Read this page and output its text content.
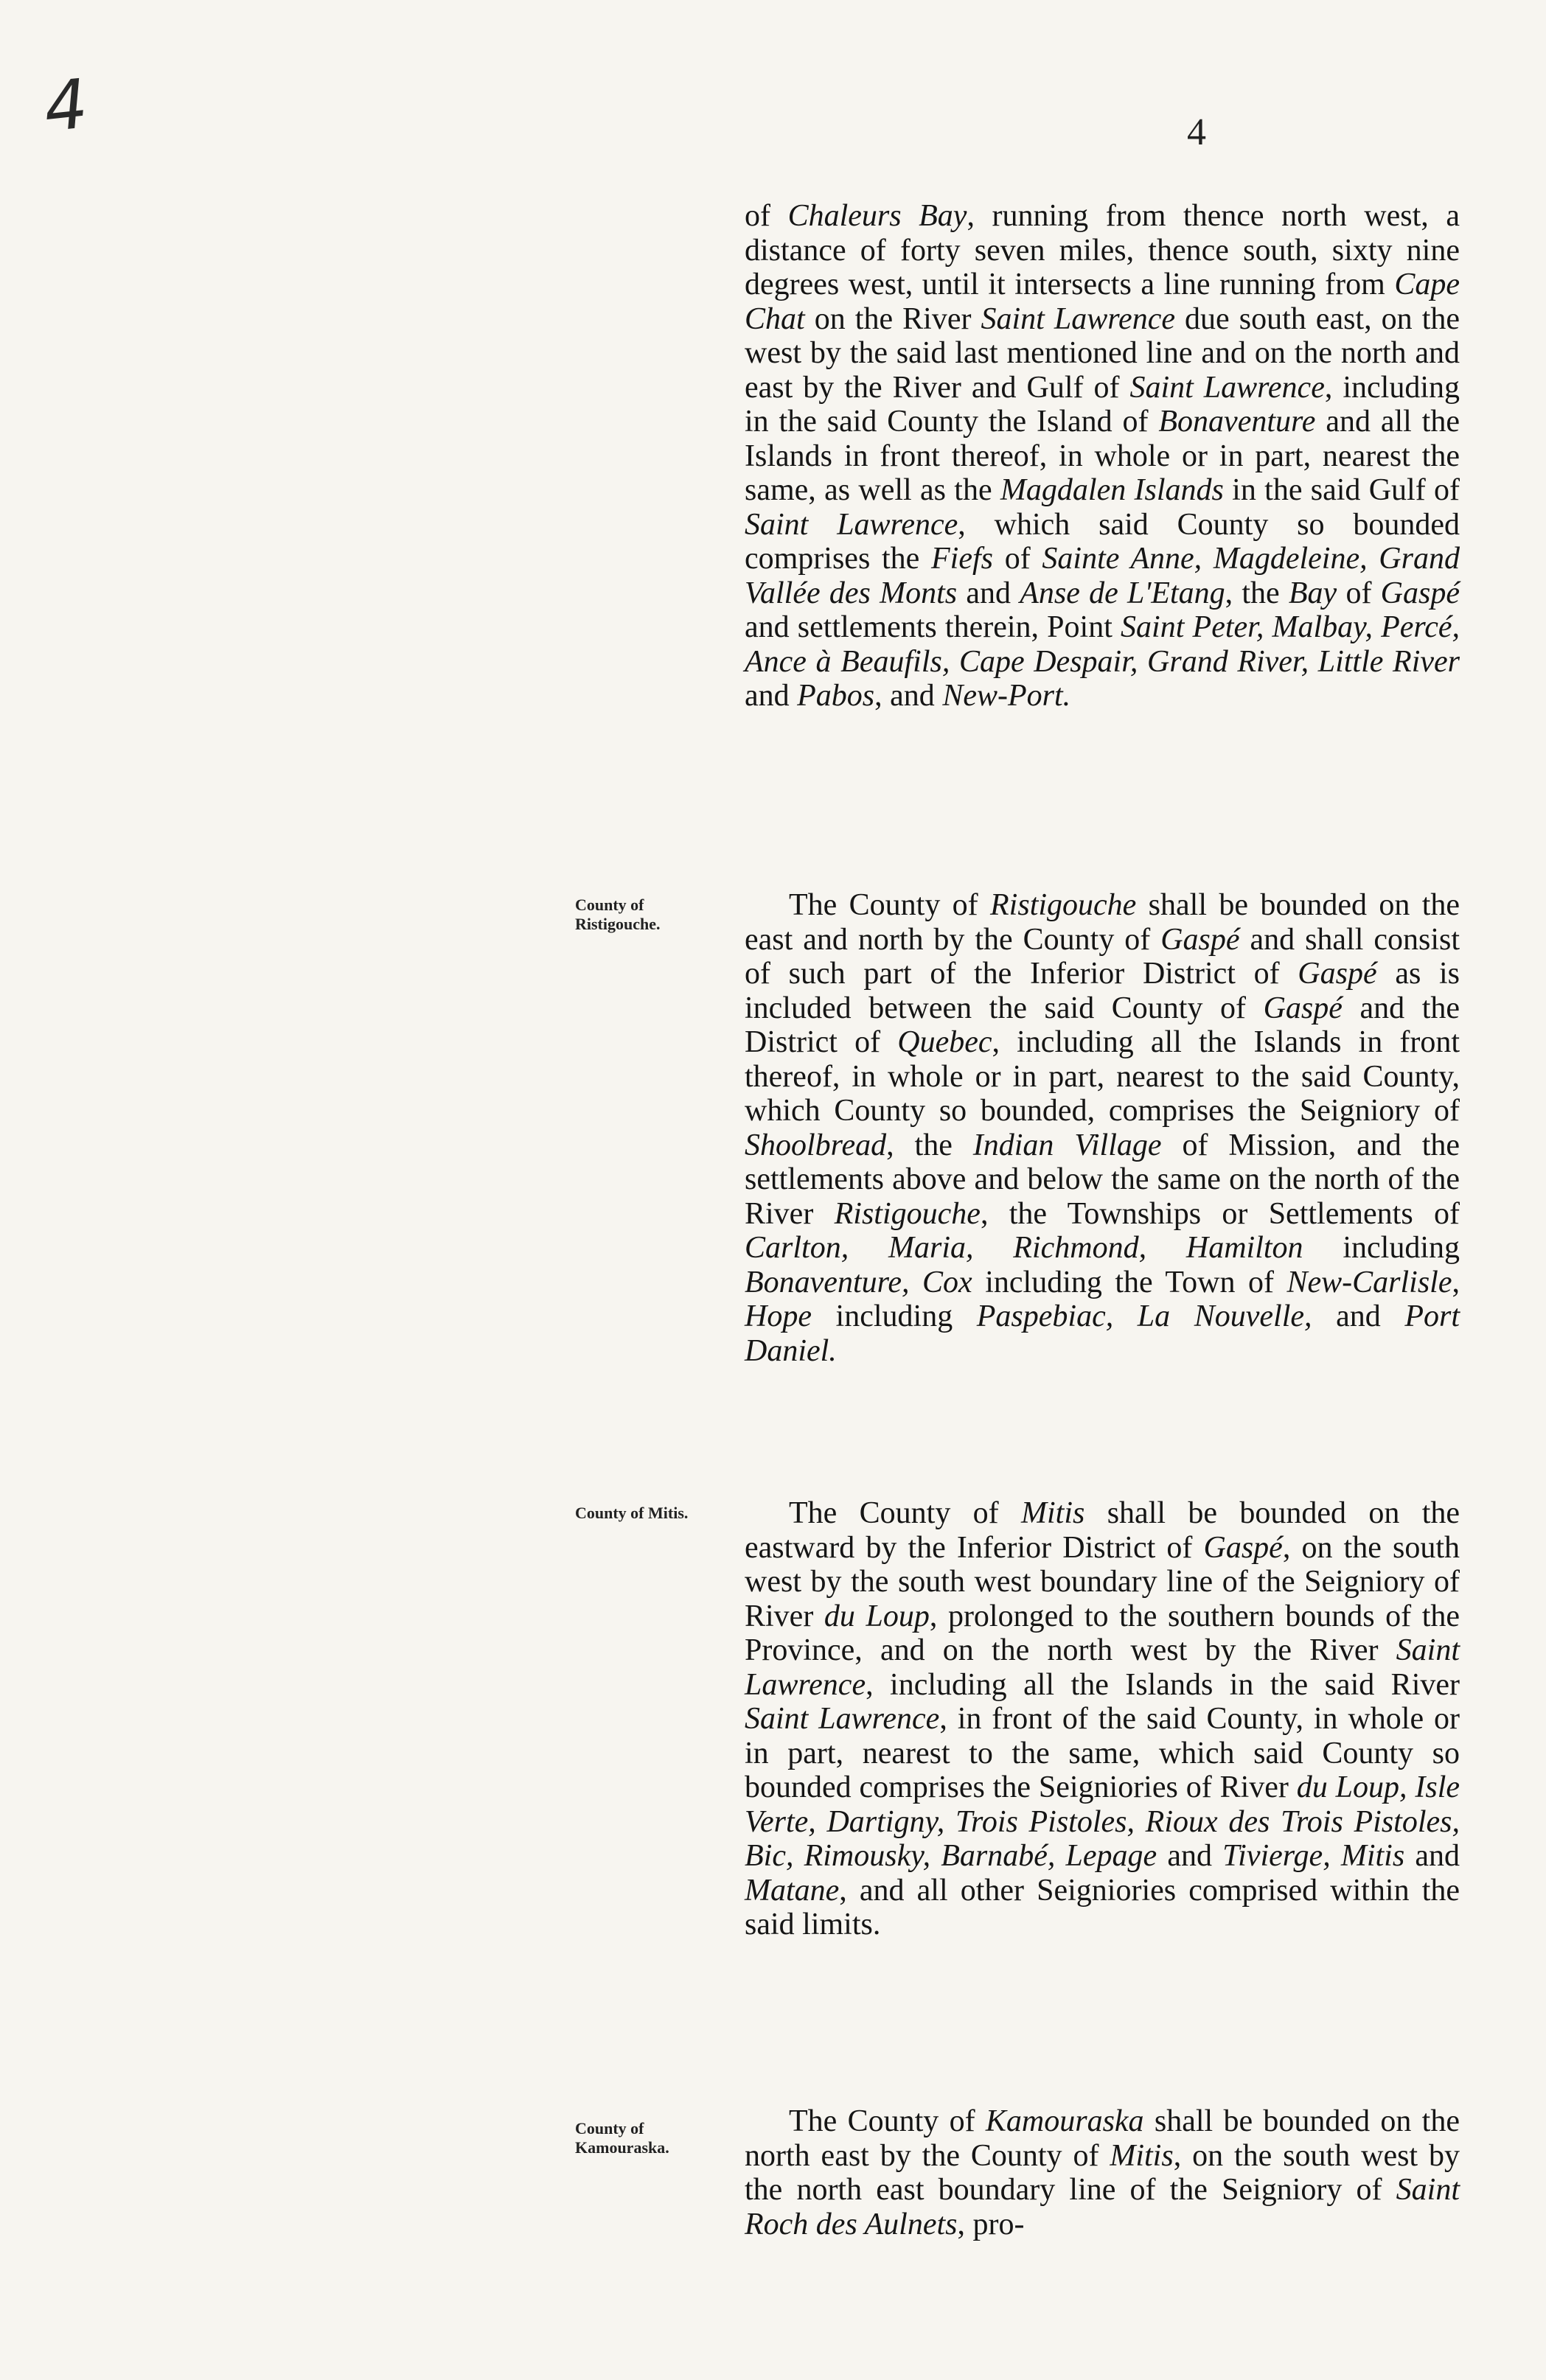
4	4
of Chaleurs Bay, running from thence north west, a distance of forty seven miles, thence south, sixty nine degrees west, until it intersects a line running from Cape Chat on the River Saint Lawrence due south east, on the west by the said last mentioned line and on the north and east by the River and Gulf of Saint Lawrence, including in the said County the Island of Bonaventure and all the Islands in front thereof, in whole or in part, nearest the same, as well as the Magdalen Islands in the said Gulf of Saint Lawrence, which said County so bounded comprises the Fiefs of Sainte Anne, Magdeleine, Grand Vallée des Monts and Anse de L'Etang, the Bay of Gaspé and settlements therein, Point Saint Peter, Malbay, Percé, Ance à Beaufils, Cape Despair, Grand River, Little River and Pabos, and New-Port.
County of Ristigouche.
The County of Ristigouche shall be bounded on the east and north by the County of Gaspé and shall consist of such part of the Inferior District of Gaspé as is included between the said County of Gaspé and the District of Quebec, including all the Islands in front thereof, in whole or in part, nearest to the said County, which County so bounded, comprises the Seigniory of Shoolbread, the Indian Village of Mission, and the settlements above and below the same on the north of the River Ristigouche, the Townships or Settlements of Carlton, Maria, Richmond, Hamilton including Bonaventure, Cox including the Town of New-Carlisle, Hope including Paspebiac, La Nouvelle, and Port Daniel.
County of Mitis.	The County of Mitis shall be bounded on the eastward by the Inferior District of Gaspé, on the south west by the south west boundary line of the Seigniory of River du Loup, prolonged to the southern bounds of the Province, and on the north west by the River Saint Lawrence, including all the Islands in the said River Saint Lawrence, in front of the said County, in whole or in part, nearest to the same, which said County so bounded comprises the Seigniories of River du Loup, Isle Verte, Dartigny, Trois Pistoles, Rioux des Trois Pistoles, Bic, Rimousky, Barnabé, Lepage and Tivierge, Mitis and Matane, and all other Seigniories comprised within the said limits.
County of Kamouraska.
The County of Kamouraska shall be bounded on the north east by the County of Mitis, on the south west by the north east boundary line of the Seigniory of Saint Roch des Aulnets, pro-
